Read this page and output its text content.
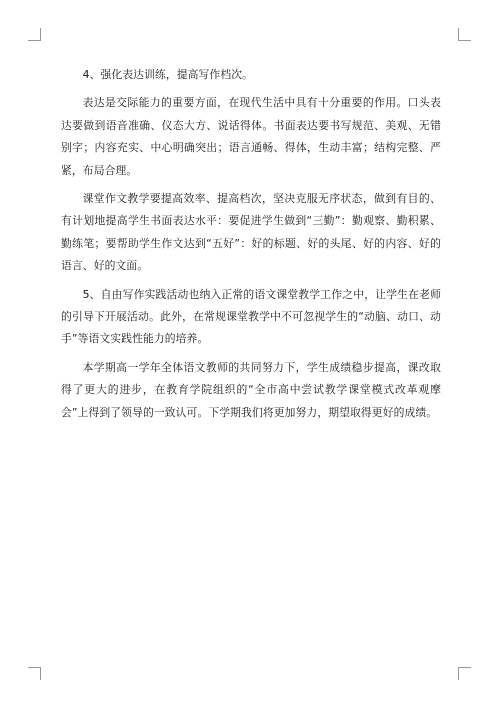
4、强化表达训练，提高写作档次。

表达是交际能力的重要方面，在现代生活中具有十分重要的作用。口头表达要做到语音准确、仪态大方、说话得体。书面表达要书写规范、美观、无错别字；内容充实、中心明确突出；语言通畅、得体，生动丰富；结构完整、严紧，布局合理。

课堂作文教学要提高效率、提高档次，坚决克服无序状态，做到有目的、有计划地提高学生书面表达水平：要促进学生做到“三勤”：勤观察、勤积累、勤练笔；要帮助学生作文达到“五好”：好的标题、好的头尾、好的内容、好的语言、好的文面。

5、自由写作实践活动也纳入正常的语文课堂教学工作之中，让学生在老师的引导下开展活动。此外，在常规课堂教学中不可忽视学生的“动脑、动口、动手”等语文实践性能力的培养。

本学期高一学年全体语文教师的共同努力下，学生成绩稳步提高，课改取得了更大的进步，在教育学院组织的“全市高中尝试教学课堂模式改革观摩会”上得到了领导的一致认可。下学期我们将更加努力，期望取得更好的成绩。
